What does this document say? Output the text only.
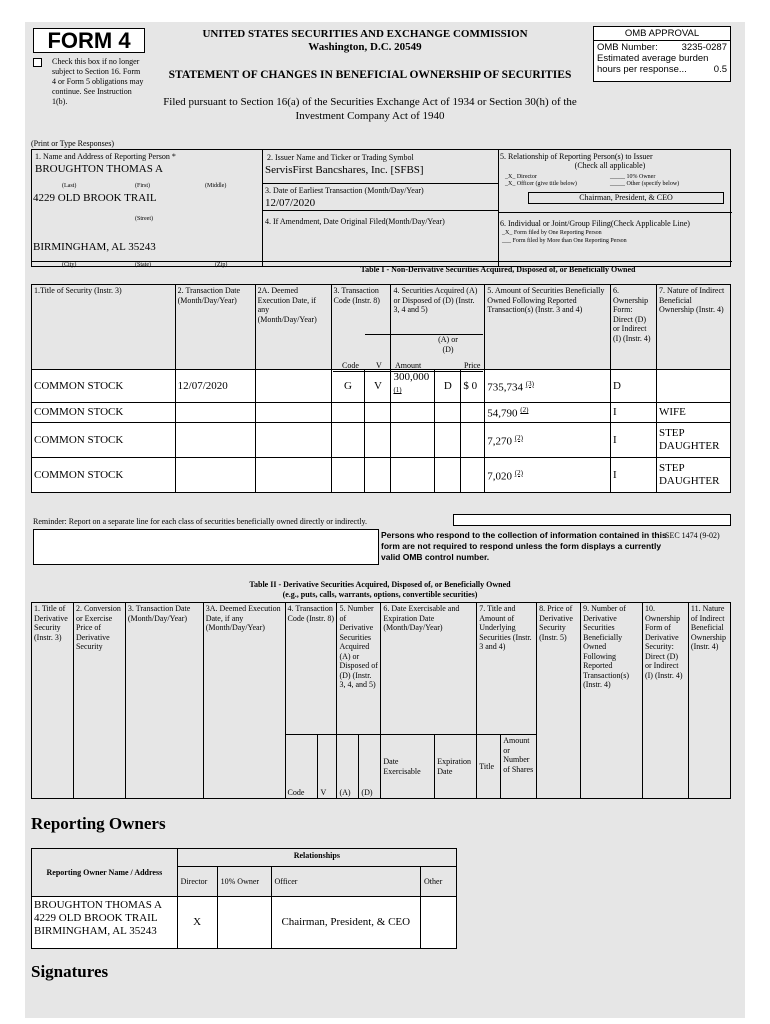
FORM 4
Check this box if no longer subject to Section 16. Form 4 or Form 5 obligations may continue. See Instruction 1(b).
UNITED STATES SECURITIES AND EXCHANGE COMMISSION
Washington, D.C. 20549
STATEMENT OF CHANGES IN BENEFICIAL OWNERSHIP OF SECURITIES
Filed pursuant to Section 16(a) of the Securities Exchange Act of 1934 or Section 30(h) of the Investment Company Act of 1940
OMB APPROVAL
OMB Number:	3235-0287
Estimated average burden
hours per response...	0.5
(Print or Type Responses)
1. Name and Address of Reporting Person *
BROUGHTON THOMAS A
(Last)	(First)	(Middle)
4229 OLD BROOK TRAIL
(Street)
BIRMINGHAM, AL 35243
(City)	(State)	(Zip)
2. Issuer Name and Ticker or Trading Symbol
ServisFirst Bancshares, Inc. [SFBS]
3. Date of Earliest Transaction (Month/Day/Year)
12/07/2020
4. If Amendment, Date Original Filed(Month/Day/Year)
5. Relationship of Reporting Person(s) to Issuer
(Check all applicable)
_X_ Director	_____ 10% Owner
_X_ Officer (give title below)	_____ Other (specify below)
Chairman, President, & CEO
6. Individual or Joint/Group Filing(Check Applicable Line)
_X_ Form filed by One Reporting Person
___ Form filed by More than One Reporting Person
Table I - Non-Derivative Securities Acquired, Disposed of, or Beneficially Owned
1.Title of Security (Instr. 3)	2. Transaction Date (Month/Day/Year)	2A. Deemed Execution Date, if any (Month/Day/Year)	3. Transaction Code (Instr. 8)		4. Securities Acquired (A) or Disposed of (D) (Instr. 3, 4 and 5)			5. Amount of Securities Beneficially Owned Following Reported Transaction(s) (Instr. 3 and 4)	6. Ownership Form: Direct (D) or Indirect (I) (Instr. 4)	7. Nature of Indirect Beneficial Ownership (Instr. 4)

COMMON STOCK	12/07/2020		G	V	300,000 $^{(1)}$	D	$ 0	735,734 $^{(3)}$	D	
COMMON STOCK								54,790 $^{(2)}$	I	WIFE
COMMON STOCK								7,270 $^{(2)}$	I	STEP DAUGHTER
COMMON STOCK								7,020 $^{(2)}$	I	STEP DAUGHTER
Code V Amount
(A) or (D)
Price
Reminder: Report on a separate line for each class of securities beneficially owned directly or indirectly.
Persons who respond to the collection of information contained in this form are not required to respond unless the form displays a currently valid OMB control number.
SEC 1474 (9-02)
Table II - Derivative Securities Acquired, Disposed of, or Beneficially Owned
(e.g., puts, calls, warrants, options, convertible securities)
1. Title of Derivative Security (Instr. 3)	2. Conversion or Exercise Price of Derivative Security	3. Transaction Date (Month/Day/Year)	3A. Deemed Execution Date, if any (Month/Day/Year)	4. Transaction Code (Instr. 8)		5. Number of Derivative Securities Acquired (A) or Disposed of (D) (Instr. 3, 4, and 5)		6. Date Exercisable and Expiration Date (Month/Day/Year)		7. Title and Amount of Underlying Securities (Instr. 3 and 4)		8. Price of Derivative Security (Instr. 5)	9. Number of Derivative Securities Beneficially Owned Following Reported Transaction(s) (Instr. 4)	10. Ownership Form of Derivative Security: Direct (D) or Indirect (I) (Instr. 4)	11. Nature of Indirect Beneficial Ownership (Instr. 4)
				Code	V	(A)	(D)	Date Exercisable	Expiration Date	Title	Amount or Number of Shares				
Reporting Owners
Reporting Owner Name / Address	Relationships			
	Director	10% Owner	Officer	Other

BROUGHTON THOMAS A
4229 OLD BROOK TRAIL
BIRMINGHAM, AL 35243	X		Chairman, President, & CEO	
Signatures
